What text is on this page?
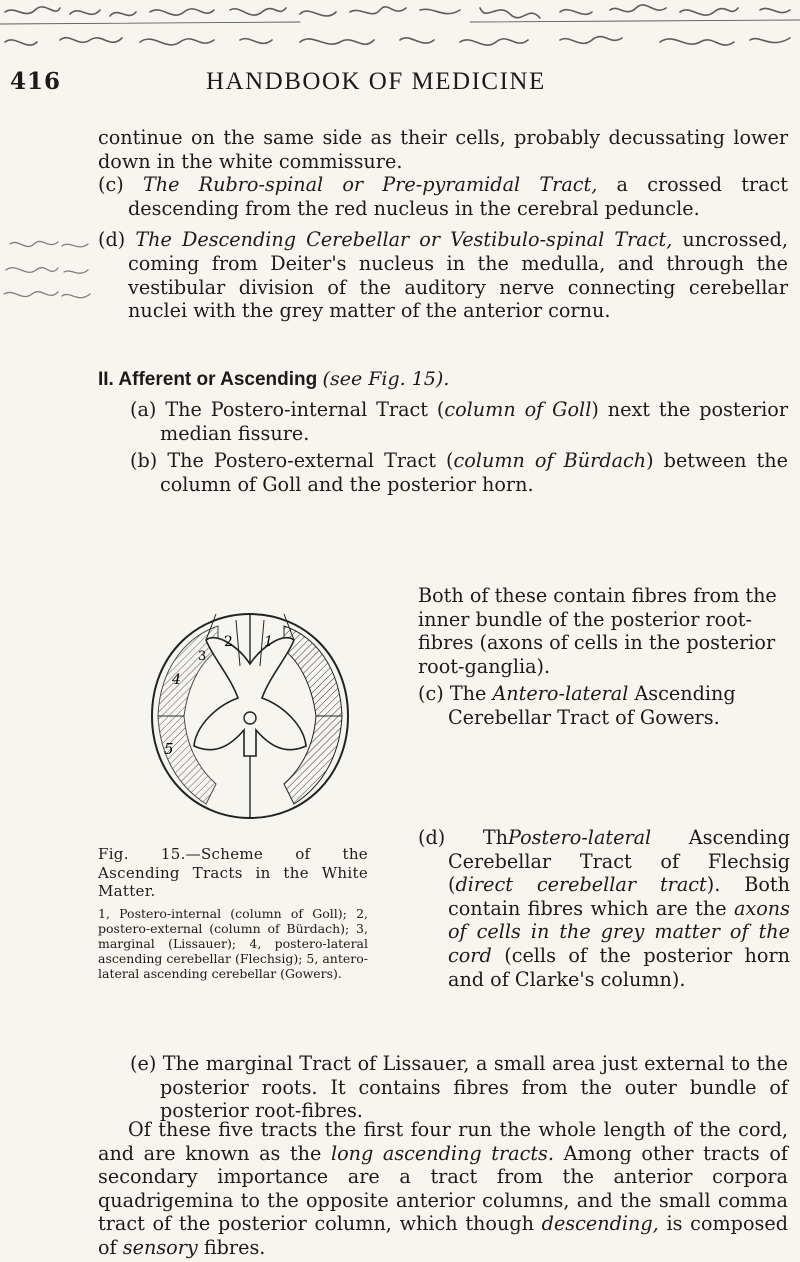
416	HANDBOOK OF MEDICINE

continue on the same side as their cells, probably decussating lower down in the white commissure.

(c) The Rubro-spinal or Pre-pyramidal Tract, a crossed tract descending from the red nucleus in the cerebral peduncle.

(d) The Descending Cerebellar or Vestibulo-spinal Tract, uncrossed, coming from Deiter's nucleus in the medulla, and through the vestibular division of the auditory nerve connecting cerebellar nuclei with the grey matter of the anterior cornu.

II. Afferent or Ascending (see Fig. 15).

(a) The Postero-internal Tract (column of Goll) next the posterior median fissure.

(b) The Postero-external Tract (column of Bürdach) between the column of Goll and the posterior horn.

2 1
4
3
5
Fig. 15.—Scheme of the Ascending Tracts in the White Matter.
1, Postero-internal (column of Goll); 2, postero-external (column of Bürdach); 3, marginal (Lissauer); 4, postero-lateral ascending cerebellar (Flechsig); 5, antero-lateral ascending cerebellar (Gowers).

Both of these contain fibres from the inner bundle of the posterior root-fibres (axons of cells in the posterior root-ganglia).

(c) The Antero-lateral Ascending Cerebellar Tract of Gowers.

(d) ThPostero-lateral Ascending Cerebellar Tract of Flechsig (direct cerebellar tract). Both contain fibres which are the axons of cells in the grey matter of the cord (cells of the posterior horn and of Clarke's column).

(e) The marginal Tract of Lissauer, a small area just external to the posterior roots. It contains fibres from the outer bundle of posterior root-fibres.

Of these five tracts the first four run the whole length of the cord, and are known as the long ascending tracts. Among other tracts of secondary importance are a tract from the anterior corpora quadrigemina to the opposite anterior columns, and the small comma tract of the posterior column, which though descending, is composed of sensory fibres.
